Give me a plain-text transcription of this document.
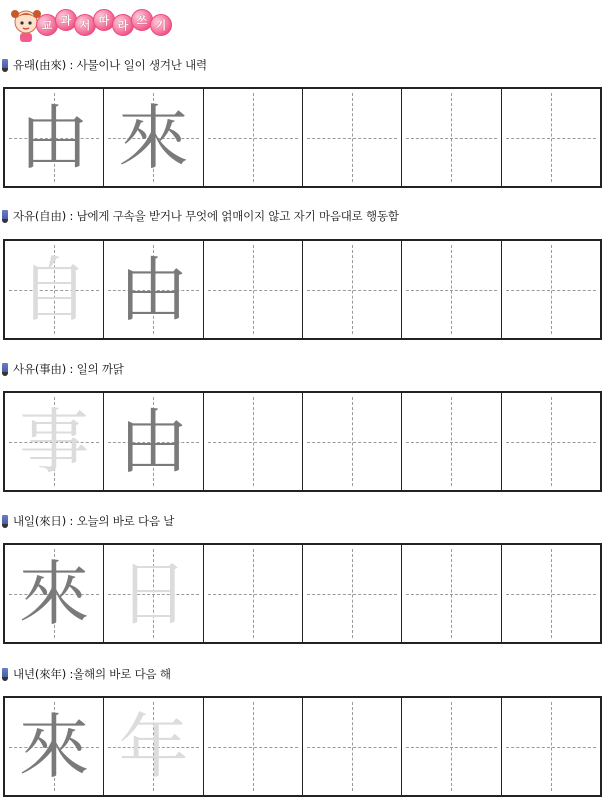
교 과 서 따 라 쓰 기
유래(由來) : 사물이나 일이 생겨난 내력
由 來
자유(自由) : 남에게 구속을 받거나 무엇에 얽매이지 않고 자기 마음대로 행동함
自 由
사유(事由) : 일의 까닭
事 由
내일(來日) : 오늘의 바로 다음 날
來 日
내년(來年) :올해의 바로 다음 해
來 年
